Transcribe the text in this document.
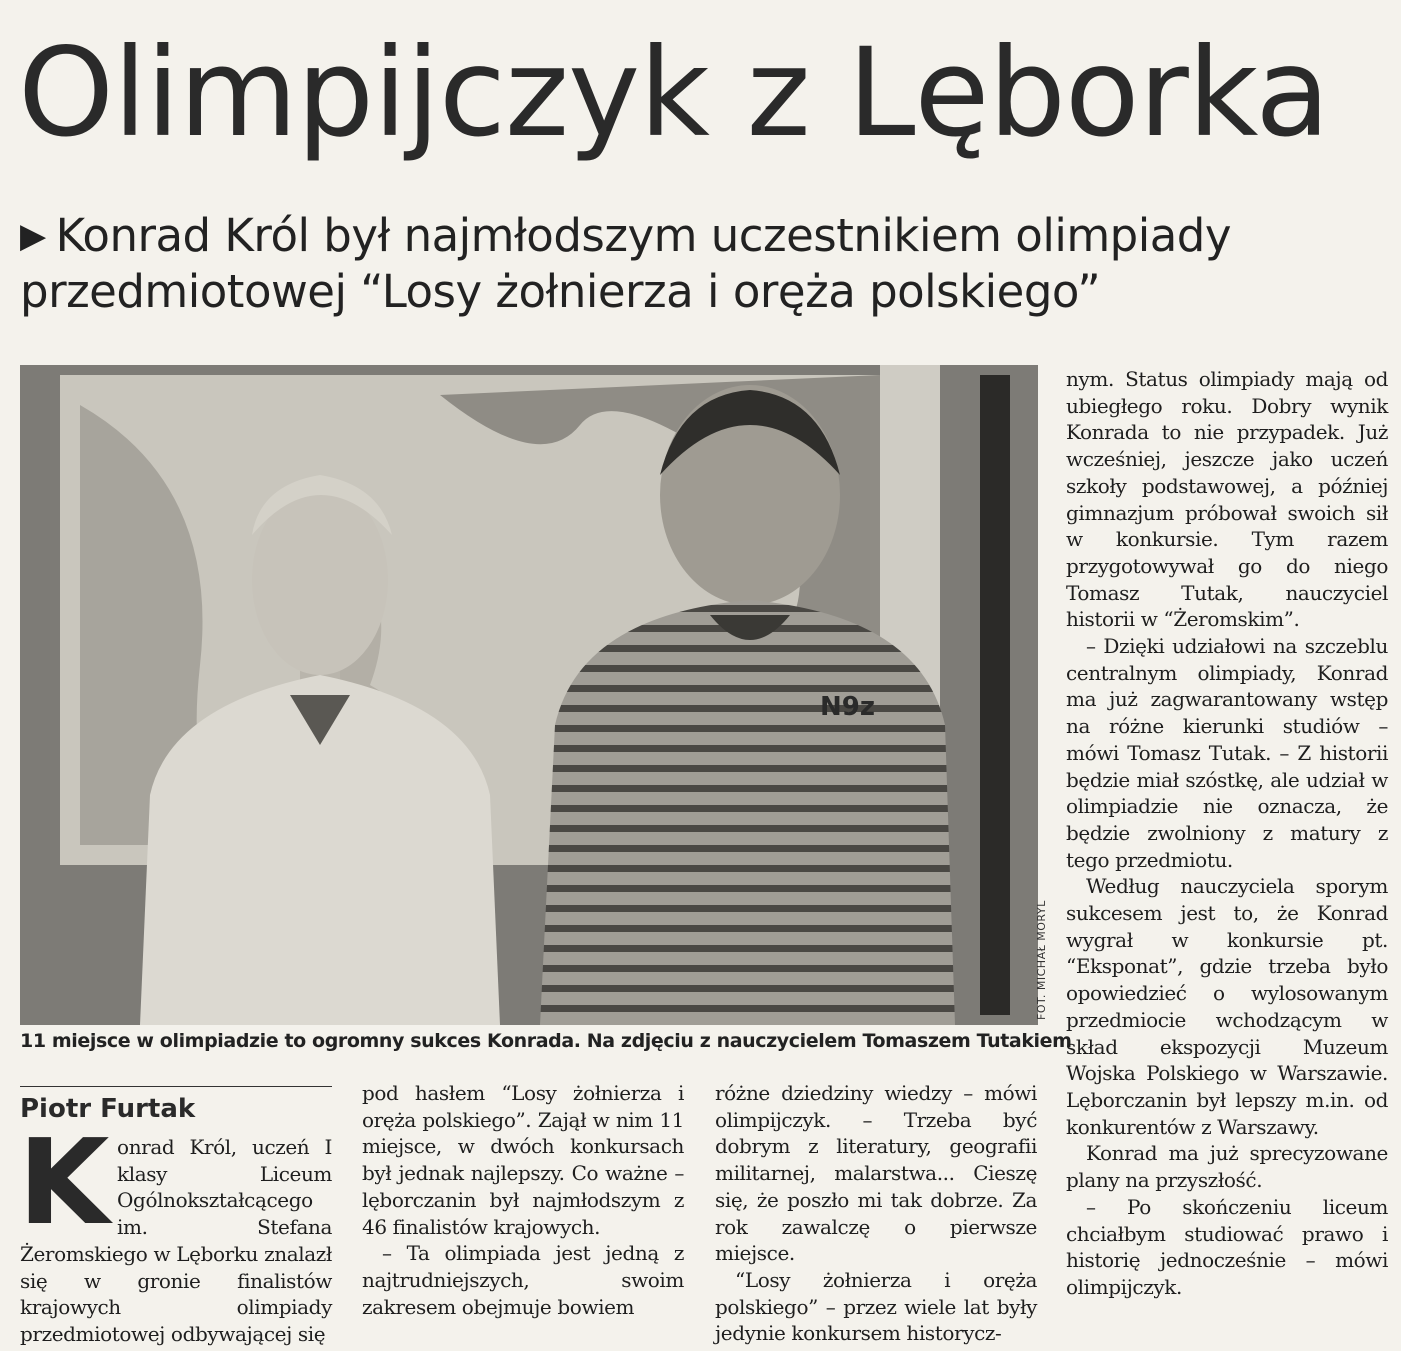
Olimpijczyk z Lęborka
▶ Konrad Król był najmłodszym uczestnikiem olimpiady przedmiotowej “Losy żołnierza i oręża polskiego”
N9z
FOT. MICHAŁ MORYL

11 miejsce w olimpiadzie to ogromny sukces Konrada. Na zdjęciu z nauczycielem Tomaszem Tutakiem

Piotr Furtak

K onrad Król, uczeń I klasy Liceum Ogólnokształcącego im. Stefana Żeromskiego w Lęborku znalazł się w gronie finalistów krajowych olimpiady przedmiotowej odbywającej się

pod hasłem “Losy żołnierza i oręża polskiego”. Zajął w nim 11 miejsce, w dwóch konkursach był jednak najlepszy. Co ważne – lęborczanin był najmłodszym z 46 finalistów krajowych.

– Ta olimpiada jest jedną z najtrudniejszych, swoim zakresem obejmuje bowiem

różne dziedziny wiedzy – mówi olimpijczyk. – Trzeba być dobrym z literatury, geografii militarnej, malarstwa... Cieszę się, że poszło mi tak dobrze. Za rok zawalczę o pierwsze miejsce.

“Losy żołnierza i oręża polskiego” – przez wiele lat były jedynie konkursem historycz-

nym. Status olimpiady mają od ubiegłego roku. Dobry wynik Konrada to nie przypadek. Już wcześniej, jeszcze jako uczeń szkoły podstawowej, a później gimnazjum próbował swoich sił w konkursie. Tym razem przygotowywał go do niego Tomasz Tutak, nauczyciel historii w “Żeromskim”.

– Dzięki udziałowi na szczeblu centralnym olimpiady, Konrad ma już zagwarantowany wstęp na różne kierunki studiów – mówi Tomasz Tutak. – Z historii będzie miał szóstkę, ale udział w olimpiadzie nie oznacza, że będzie zwolniony z matury z tego przedmiotu.

Według nauczyciela sporym sukcesem jest to, że Konrad wygrał w konkursie pt. “Eksponat”, gdzie trzeba było opowiedzieć o wylosowanym przedmiocie wchodzącym w skład ekspozycji Muzeum Wojska Polskiego w Warszawie. Lęborczanin był lepszy m.in. od konkurentów z Warszawy.

Konrad ma już sprecyzowane plany na przyszłość.

– Po skończeniu liceum chciałbym studiować prawo i historię jednocześnie – mówi olimpijczyk.
